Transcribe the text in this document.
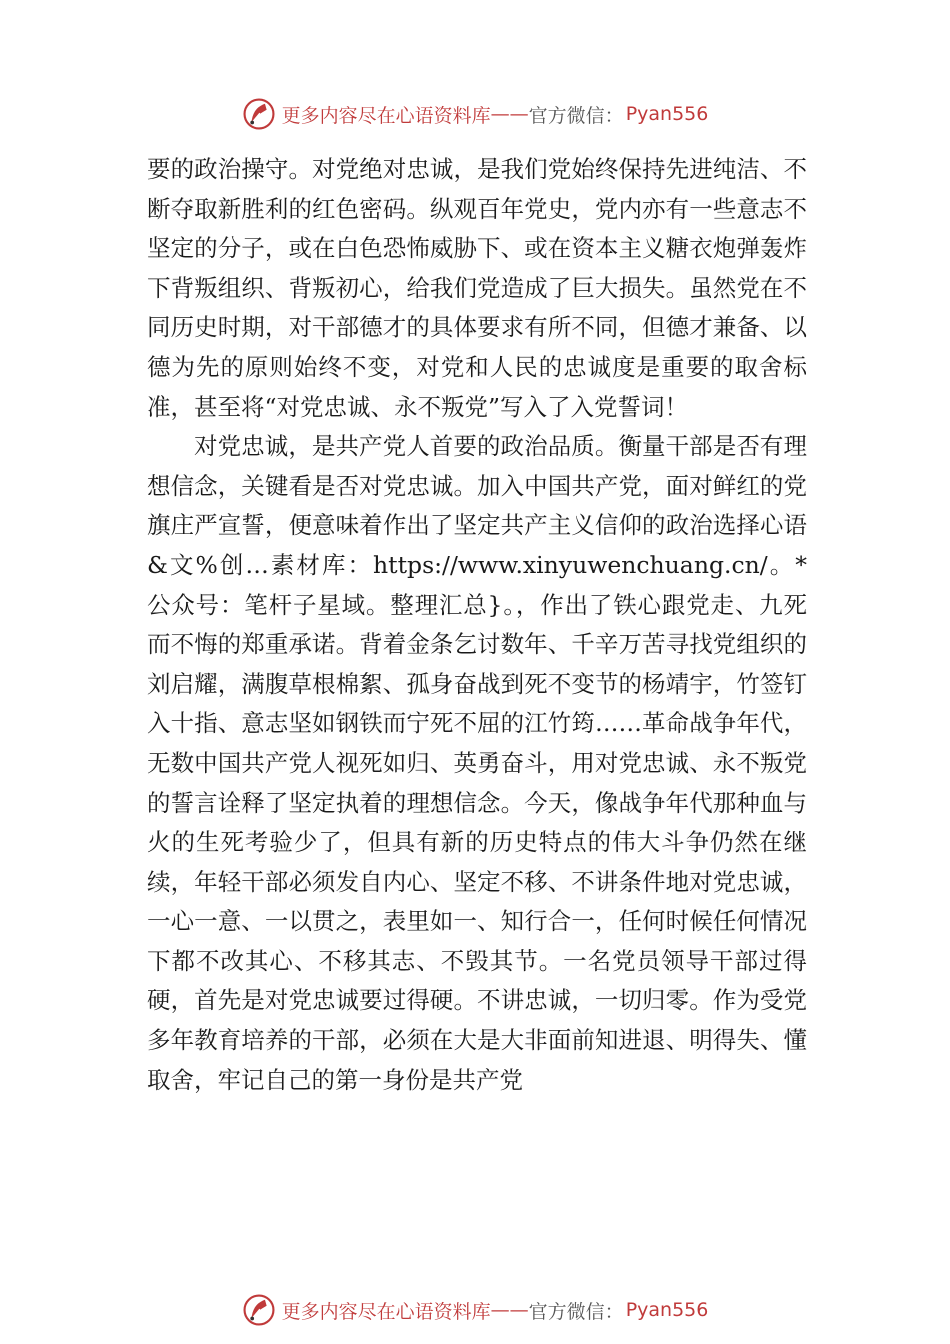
更多内容尽在心语资料库 —— 官方微信： Pyan556

要的政治操守。对党绝对忠诚，是我们党始终保持先进纯洁、不断夺取新胜利的红色密码。纵观百年党史，党内亦有一些意志不坚定的分子，或在白色恐怖威胁下、或在资本主义糖衣炮弹轰炸下背叛组织、背叛初心，给我们党造成了巨大损失。虽然党在不同历史时期，对干部德才的具体要求有所不同，但德才兼备、以德为先的原则始终不变，对党和人民的忠诚度是重要的取舍标准，甚至将“对党忠诚、永不叛党”写入了入党誓词！

对党忠诚，是共产党人首要的政治品质。衡量干部是否有理想信念，关键看是否对党忠诚。加入中国共产党，面对鲜红的党旗庄严宣誓，便意味着作出了坚定共产主义信仰的政治选择心语&文%创…素材库：https://www.xinyuwenchuang.cn/。*公众号：笔杆子星域。整理汇总}。，作出了铁心跟党走、九死而不悔的郑重承诺。背着金条乞讨数年、千辛万苦寻找党组织的刘启耀，满腹草根棉絮、孤身奋战到死不变节的杨靖宇，竹签钉入十指、意志坚如钢铁而宁死不屈的江竹筠……革命战争年代，无数中国共产党人视死如归、英勇奋斗，用对党忠诚、永不叛党的誓言诠释了坚定执着的理想信念。今天，像战争年代那种血与火的生死考验少了，但具有新的历史特点的伟大斗争仍然在继续，年轻干部必须发自内心、坚定不移、不讲条件地对党忠诚，一心一意、一以贯之，表里如一、知行合一，任何时候任何情况下都不改其心、不移其志、不毁其节。一名党员领导干部过得硬，首先是对党忠诚要过得硬。不讲忠诚，一切归零。作为受党多年教育培养的干部，必须在大是大非面前知进退、明得失、懂取舍，牢记自己的第一身份是共产党

更多内容尽在心语资料库 —— 官方微信： Pyan556
